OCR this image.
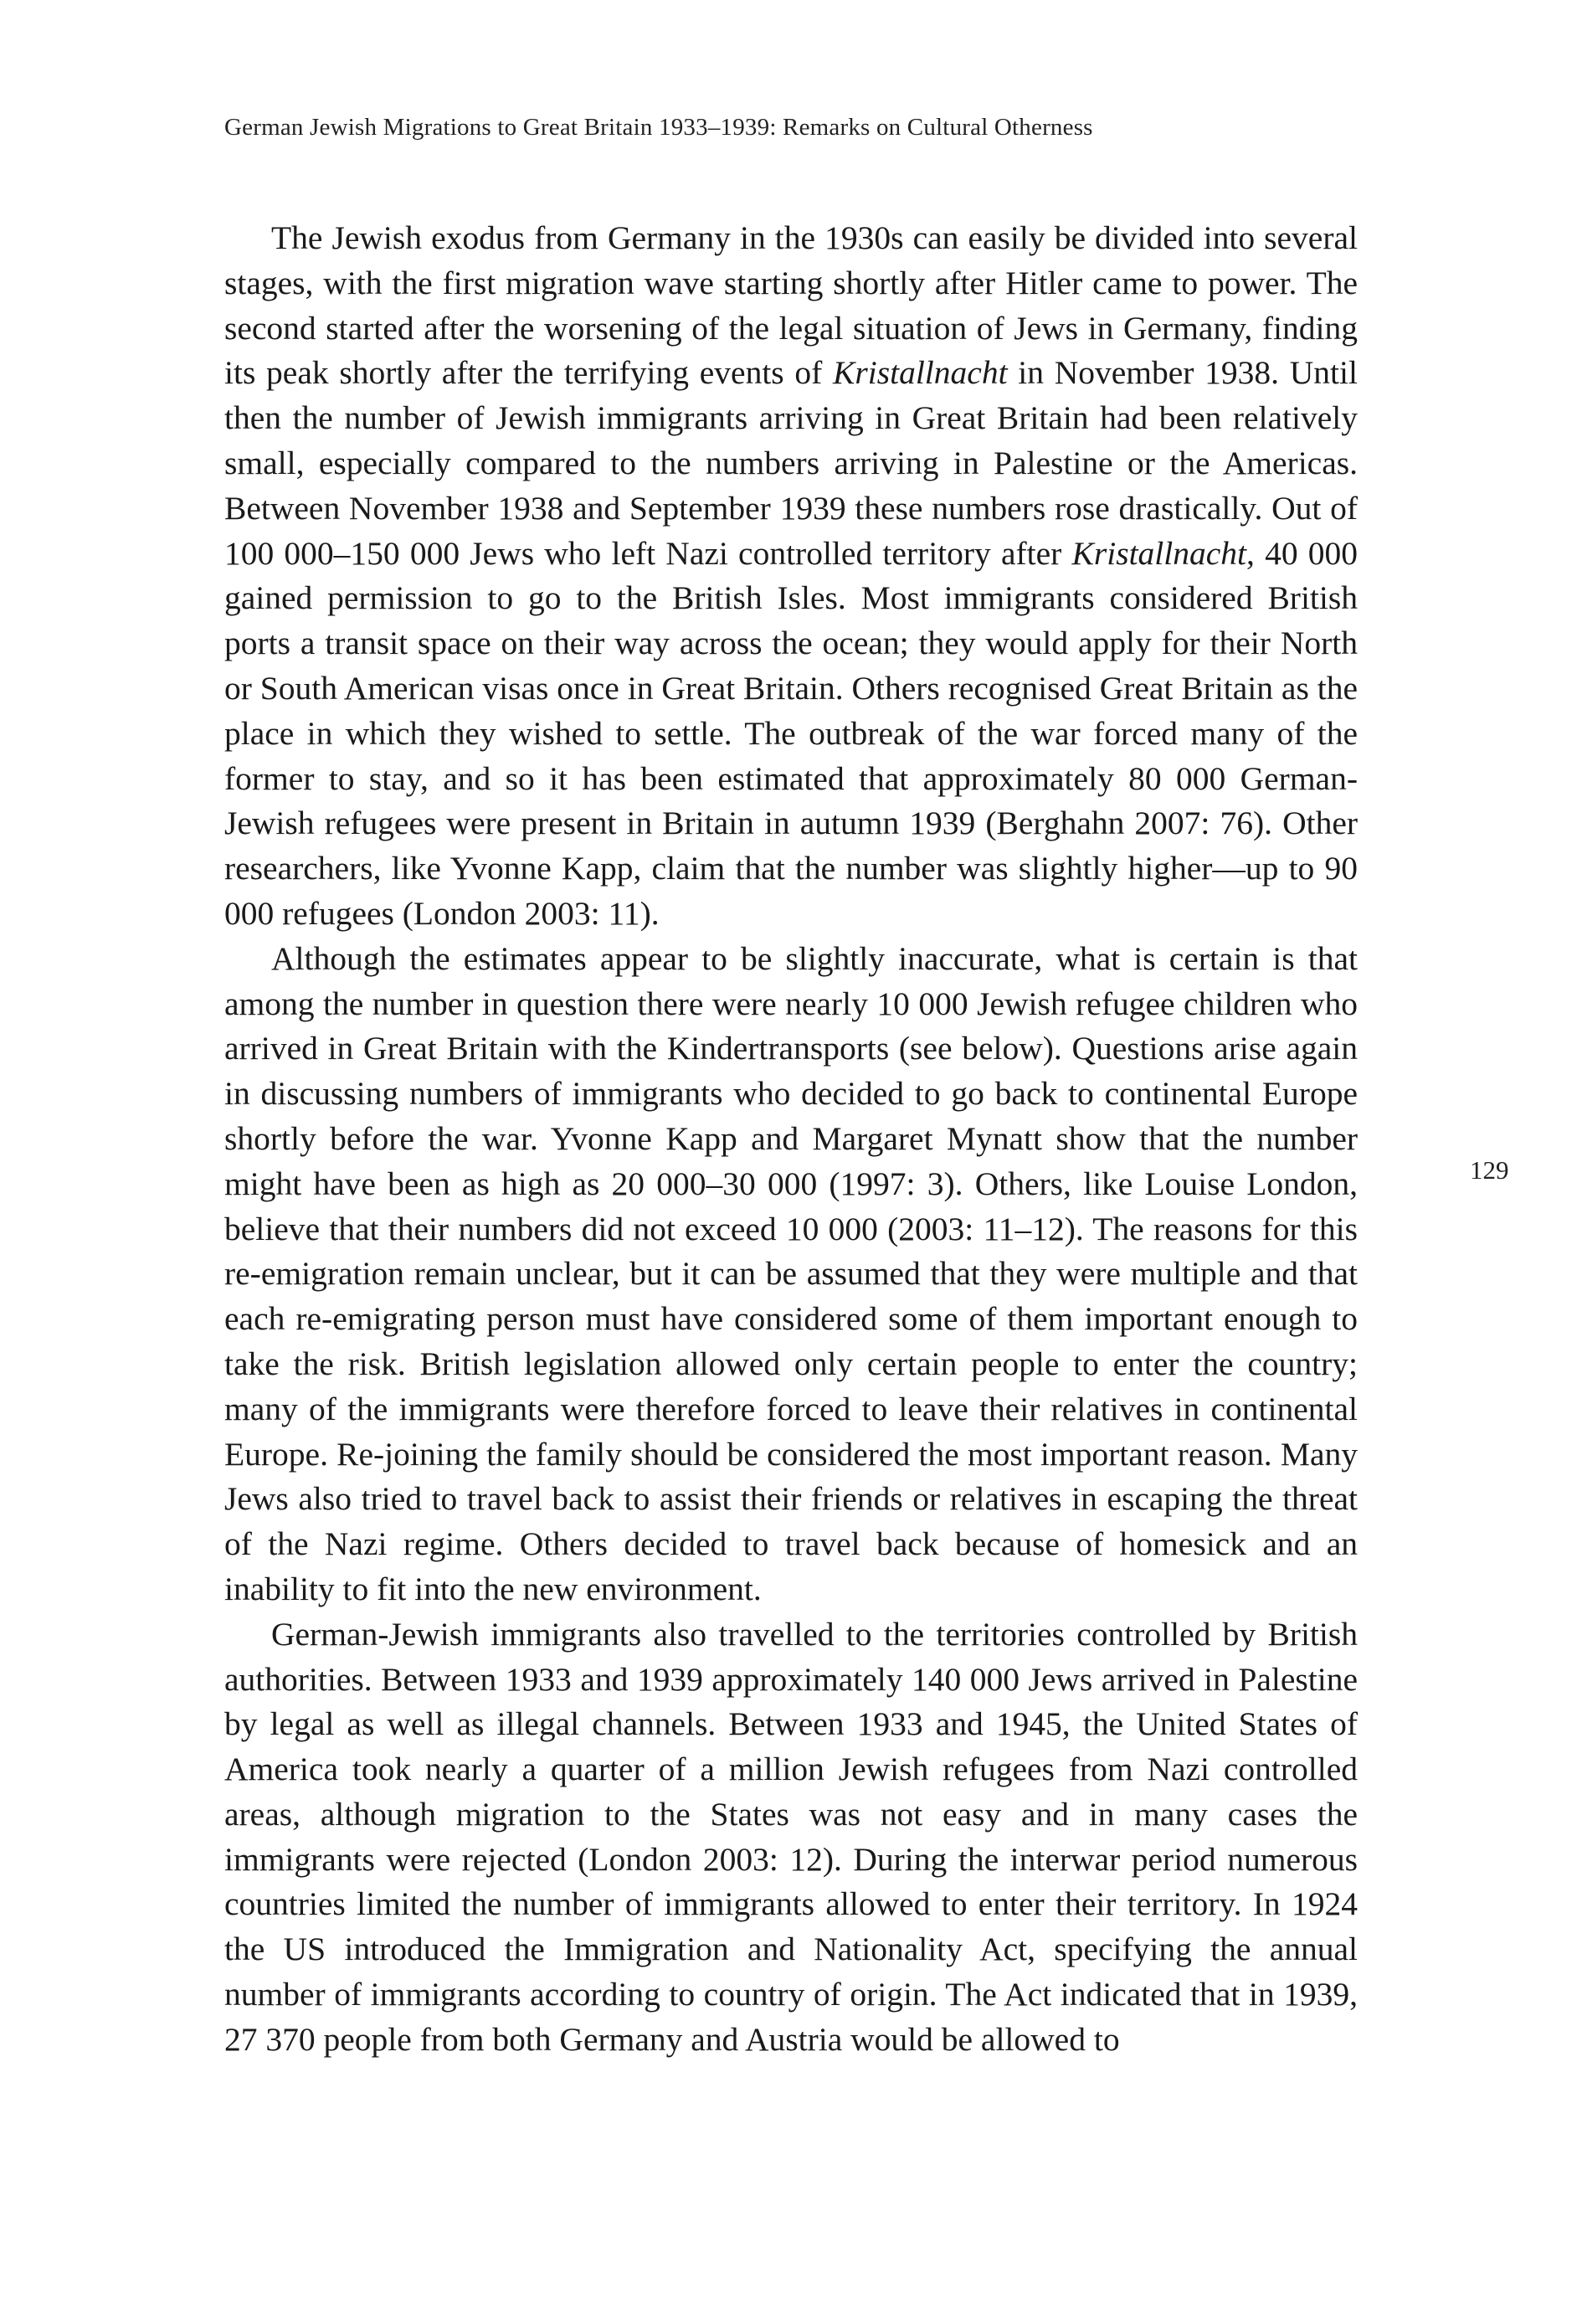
German Jewish Migrations to Great Britain 1933–1939: Remarks on Cultural Otherness

The Jewish exodus from Germany in the 1930s can easily be divided into several stages, with the first migration wave starting shortly after Hitler came to power. The second started after the worsening of the legal situation of Jews in Germany, finding its peak shortly after the terrifying events of Kristallnacht in November 1938. Until then the number of Jewish immigrants arriving in Great Britain had been relatively small, especially compared to the numbers arriving in Palestine or the Americas. Between November 1938 and September 1939 these numbers rose drastically. Out of 100 000–150 000 Jews who left Nazi controlled territory after Kristallnacht, 40 000 gained permission to go to the British Isles. Most immigrants considered British ports a transit space on their way across the ocean; they would apply for their North or South American visas once in Great Britain. Others recognised Great Britain as the place in which they wished to settle. The outbreak of the war forced many of the former to stay, and so it has been estimated that approximately 80 000 German-Jewish refugees were present in Britain in autumn 1939 (Berghahn 2007: 76). Other researchers, like Yvonne Kapp, claim that the number was slightly higher—up to 90 000 refugees (London 2003: 11).

Although the estimates appear to be slightly inaccurate, what is certain is that among the number in question there were nearly 10 000 Jewish refugee children who arrived in Great Britain with the Kindertransports (see below). Questions arise again in discussing numbers of immigrants who decided to go back to continental Europe shortly before the war. Yvonne Kapp and Margaret Mynatt show that the number might have been as high as 20 000–30 000 (1997: 3). Others, like Louise London, believe that their numbers did not exceed 10 000 (2003: 11–12). The reasons for this re-emigration remain unclear, but it can be assumed that they were multiple and that each re-emigrating person must have considered some of them important enough to take the risk. British legislation allowed only certain people to enter the country; many of the immigrants were therefore forced to leave their relatives in continental Europe. Re-joining the family should be considered the most important reason. Many Jews also tried to travel back to assist their friends or relatives in escaping the threat of the Nazi regime. Others decided to travel back because of homesick and an inability to fit into the new environment.

German-Jewish immigrants also travelled to the territories controlled by British authorities. Between 1933 and 1939 approximately 140 000 Jews arrived in Palestine by legal as well as illegal channels. Between 1933 and 1945, the United States of America took nearly a quarter of a million Jewish refugees from Nazi controlled areas, although migration to the States was not easy and in many cases the immigrants were rejected (London 2003: 12). During the interwar period numerous countries limited the number of immigrants allowed to enter their territory. In 1924 the US introduced the Immigration and Nationality Act, specifying the annual number of immigrants according to country of origin. The Act indicated that in 1939, 27 370 people from both Germany and Austria would be allowed to

129
